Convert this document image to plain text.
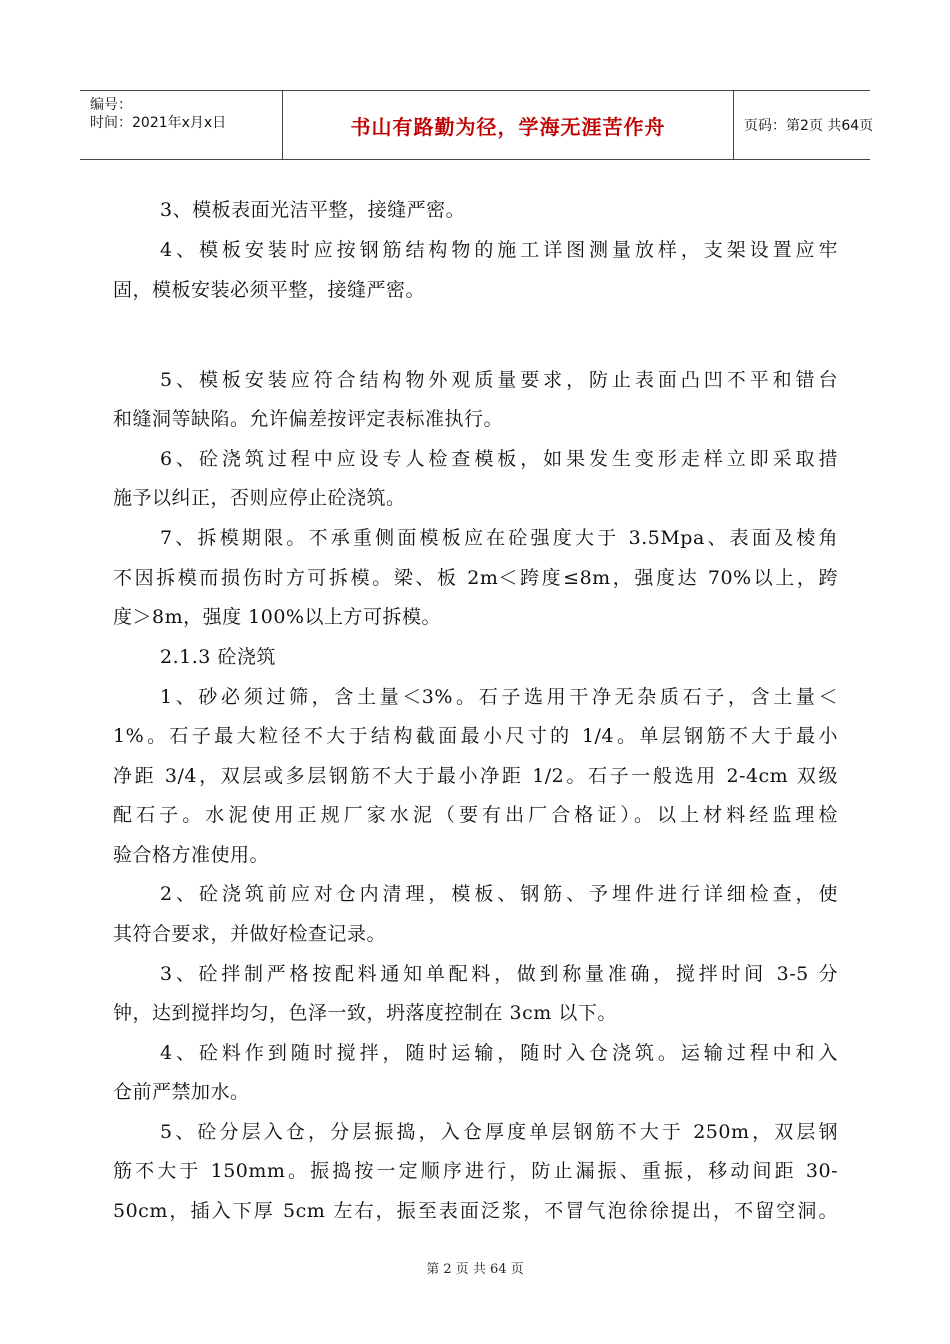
编号：
时间：2021年x月x日	书山有路勤为径，学海无涯苦作舟	页码：第2页 共64页
3、模板表面光洁平整，接缝严密。
4、模板安装时应按钢筋结构物的施工详图测量放样，支架设置应牢
固，模板安装必须平整，接缝严密。
5、模板安装应符合结构物外观质量要求，防止表面凸凹不平和错台
和缝洞等缺陷。允许偏差按评定表标准执行。
6、砼浇筑过程中应设专人检查模板，如果发生变形走样立即采取措
施予以纠正，否则应停止砼浇筑。
7、拆模期限。不承重侧面模板应在砼强度大于 3.5Mpa、表面及棱角
不因拆模而损伤时方可拆模。梁、板 2m＜跨度≤8m，强度达 70%以上，跨
度＞8m，强度 100%以上方可拆模。
2.1.3 砼浇筑
1、砂必须过筛，含土量＜3%。石子选用干净无杂质石子，含土量＜
1%。石子最大粒径不大于结构截面最小尺寸的 1/4。单层钢筋不大于最小
净距 3/4，双层或多层钢筋不大于最小净距 1/2。石子一般选用 2-4cm 双级
配石子。水泥使用正规厂家水泥（要有出厂合格证）。以上材料经监理检
验合格方准使用。
2、砼浇筑前应对仓内清理，模板、钢筋、予埋件进行详细检查，使
其符合要求，并做好检查记录。
3、砼拌制严格按配料通知单配料，做到称量准确，搅拌时间 3-5 分
钟，达到搅拌均匀，色泽一致，坍落度控制在 3cm 以下。
4、砼料作到随时搅拌，随时运输，随时入仓浇筑。运输过程中和入
仓前严禁加水。
5、砼分层入仓，分层振捣，入仓厚度单层钢筋不大于 250m，双层钢
筋不大于 150mm。振捣按一定顺序进行，防止漏振、重振，移动间距 30-
50cm，插入下厚 5cm 左右，振至表面泛浆，不冒气泡徐徐提出，不留空洞。
第 2 页 共 64 页
